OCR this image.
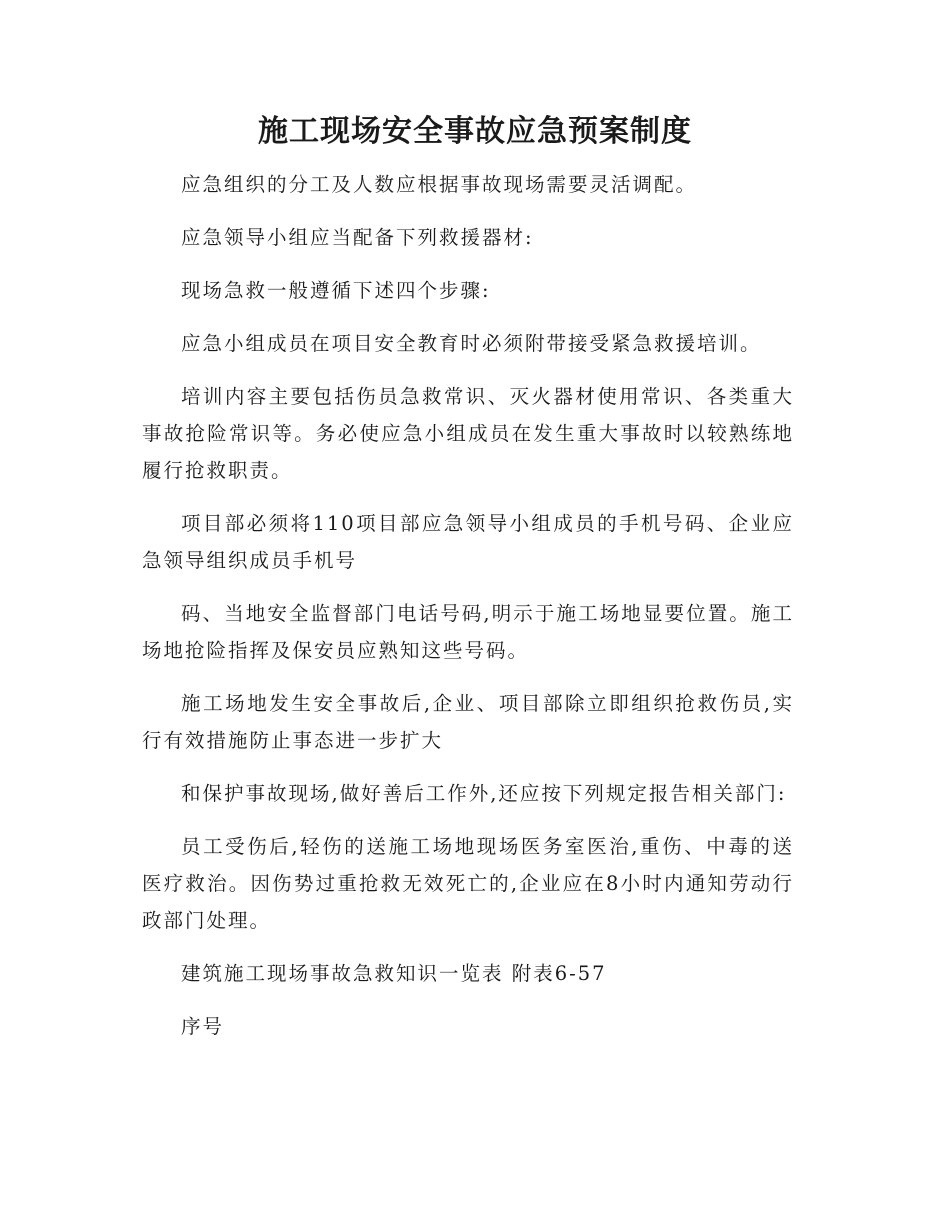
施工现场安全事故应急预案制度

应急组织的分工及人数应根据事故现场需要灵活调配。

应急领导小组应当配备下列救援器材:

现场急救一般遵循下述四个步骤:

应急小组成员在项目安全教育时必须附带接受紧急救援培训。

培训内容主要包括伤员急救常识、灭火器材使用常识、各类重大事故抢险常识等。务必使应急小组成员在发生重大事故时以较熟练地履行抢救职责。

项目部必须将110项目部应急领导小组成员的手机号码、企业应急领导组织成员手机号

码、当地安全监督部门电话号码,明示于施工场地显要位置。施工场地抢险指挥及保安员应熟知这些号码。

施工场地发生安全事故后,企业、项目部除立即组织抢救伤员,实行有效措施防止事态进一步扩大

和保护事故现场,做好善后工作外,还应按下列规定报告相关部门:

员工受伤后,轻伤的送施工场地现场医务室医治,重伤、中毒的送医疗救治。因伤势过重抢救无效死亡的,企业应在8小时内通知劳动行政部门处理。

建筑施工现场事故急救知识一览表 附表6-57

序号
